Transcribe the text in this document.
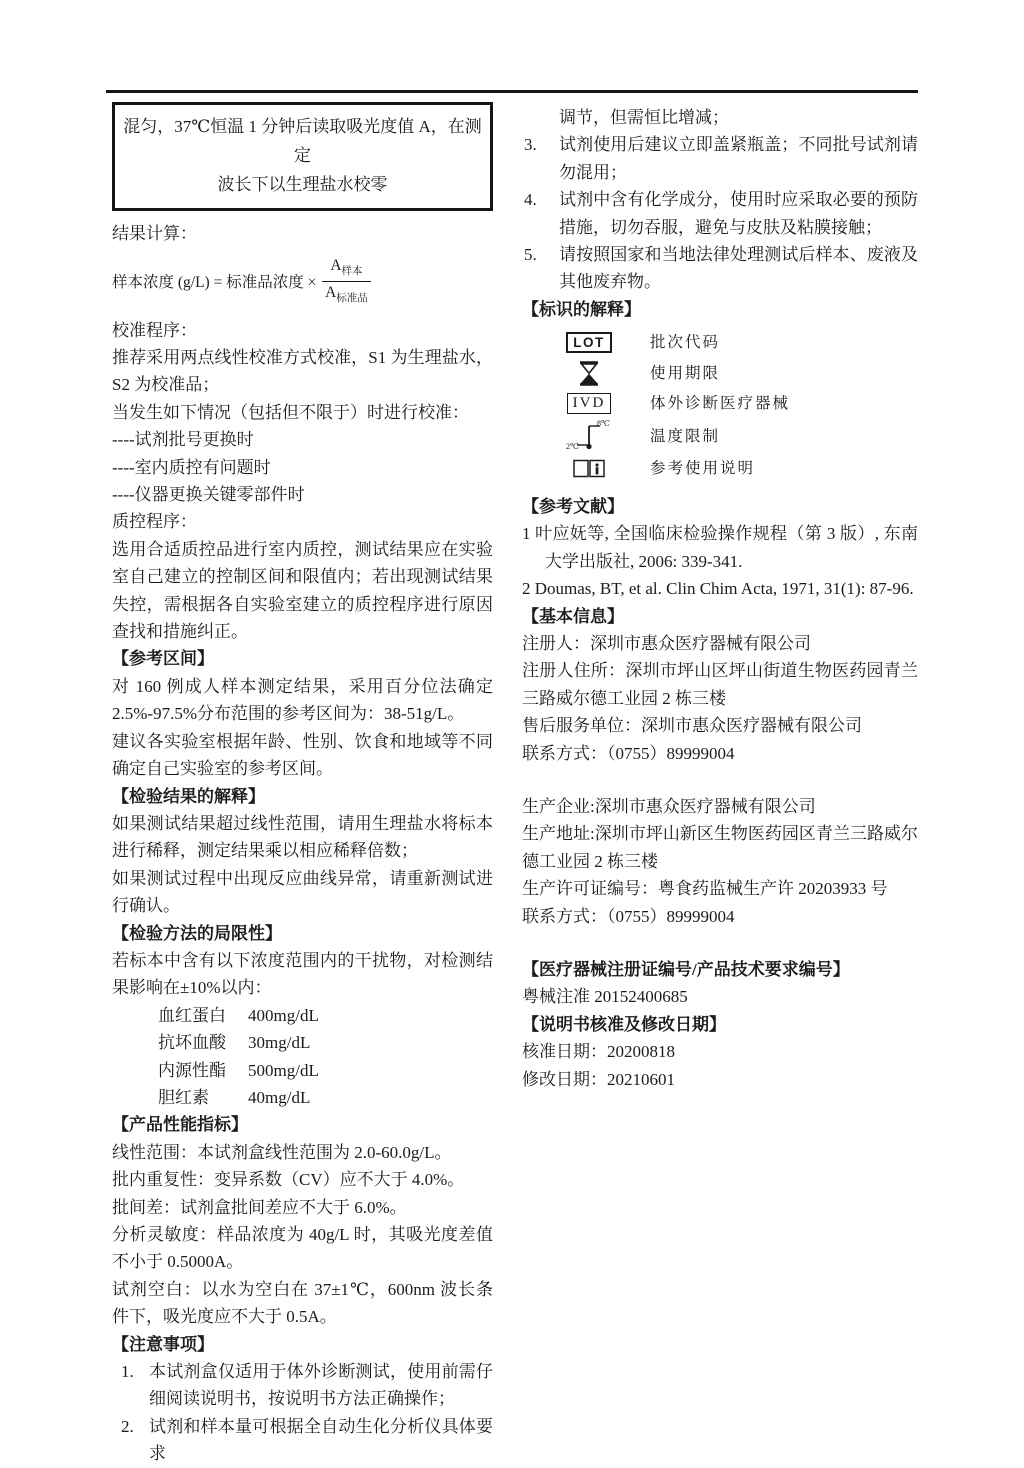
混匀，37℃恒温 1 分钟后读取吸光度值 A，在测定
波长下以生理盐水校零
结果计算：
样本浓度 (g/L) = 标准品浓度 × $\frac{A_{样本}}{A_{标准品}}$
校准程序：
推荐采用两点线性校准方式校准，S1 为生理盐水，S2 为校准品；
当发生如下情况（包括但不限于）时进行校准：
----试剂批号更换时
----室内质控有问题时
----仪器更换关键零部件时
质控程序：
选用合适质控品进行室内质控，测试结果应在实验室自己建立的控制区间和限值内；若出现测试结果失控，需根据各自实验室建立的质控程序进行原因查找和措施纠正。
【参考区间】
对 160 例成人样本测定结果，采用百分位法确定 2.5%-97.5%分布范围的参考区间为：38-51g/L。
建议各实验室根据年龄、性别、饮食和地域等不同确定自己实验室的参考区间。
【检验结果的解释】
如果测试结果超过线性范围，请用生理盐水将标本进行稀释，测定结果乘以相应稀释倍数；
如果测试过程中出现反应曲线异常，请重新测试进行确认。
【检验方法的局限性】
若标本中含有以下浓度范围内的干扰物，对检测结果影响在±10%以内：
血红蛋白	400mg/dL
抗坏血酸	30mg/dL
内源性酯	500mg/dL
胆红素	40mg/dL
【产品性能指标】
线性范围：本试剂盒线性范围为 2.0-60.0g/L。
批内重复性：变异系数（CV）应不大于 4.0%。
批间差：试剂盒批间差应不大于 6.0%。
分析灵敏度：样品浓度为 40g/L 时，其吸光度差值不小于 0.5000A。
试剂空白：以水为空白在 37±1℃，600nm 波长条件下，吸光度应不大于 0.5A。
【注意事项】
1. 本试剂盒仅适用于体外诊断测试，使用前需仔细阅读说明书，按说明书方法正确操作；
2. 试剂和样本量可根据全自动生化分析仪具体要求
调节，但需恒比增减；
3.	试剂使用后建议立即盖紧瓶盖；不同批号试剂请勿混用；
4.	试剂中含有化学成分，使用时应采取必要的预防措施，切勿吞服，避免与皮肤及粘膜接触；
5.	请按照国家和当地法律处理测试后样本、废液及其他废弃物。
【标识的解释】
LOT	批次代码
使用期限
IVD	体外诊断医疗器械
2℃
8℃
温度限制
参考使用说明
【参考文献】
1 叶应妩等, 全国临床检验操作规程（第 3 版）, 东南大学出版社, 2006: 339-341.
2 Doumas, BT, et al. Clin Chim Acta, 1971, 31(1): 87-96.
【基本信息】
注册人：深圳市惠众医疗器械有限公司
注册人住所：深圳市坪山区坪山街道生物医药园青兰三路威尔德工业园 2 栋三楼
售后服务单位：深圳市惠众医疗器械有限公司
联系方式：（0755）89999004
生产企业:深圳市惠众医疗器械有限公司
生产地址:深圳市坪山新区生物医药园区青兰三路威尔德工业园 2 栋三楼
生产许可证编号：粤食药监械生产许 20203933 号
联系方式：（0755）89999004
【医疗器械注册证编号/产品技术要求编号】
粤械注准 20152400685
【说明书核准及修改日期】
核准日期：20200818
修改日期：20210601
